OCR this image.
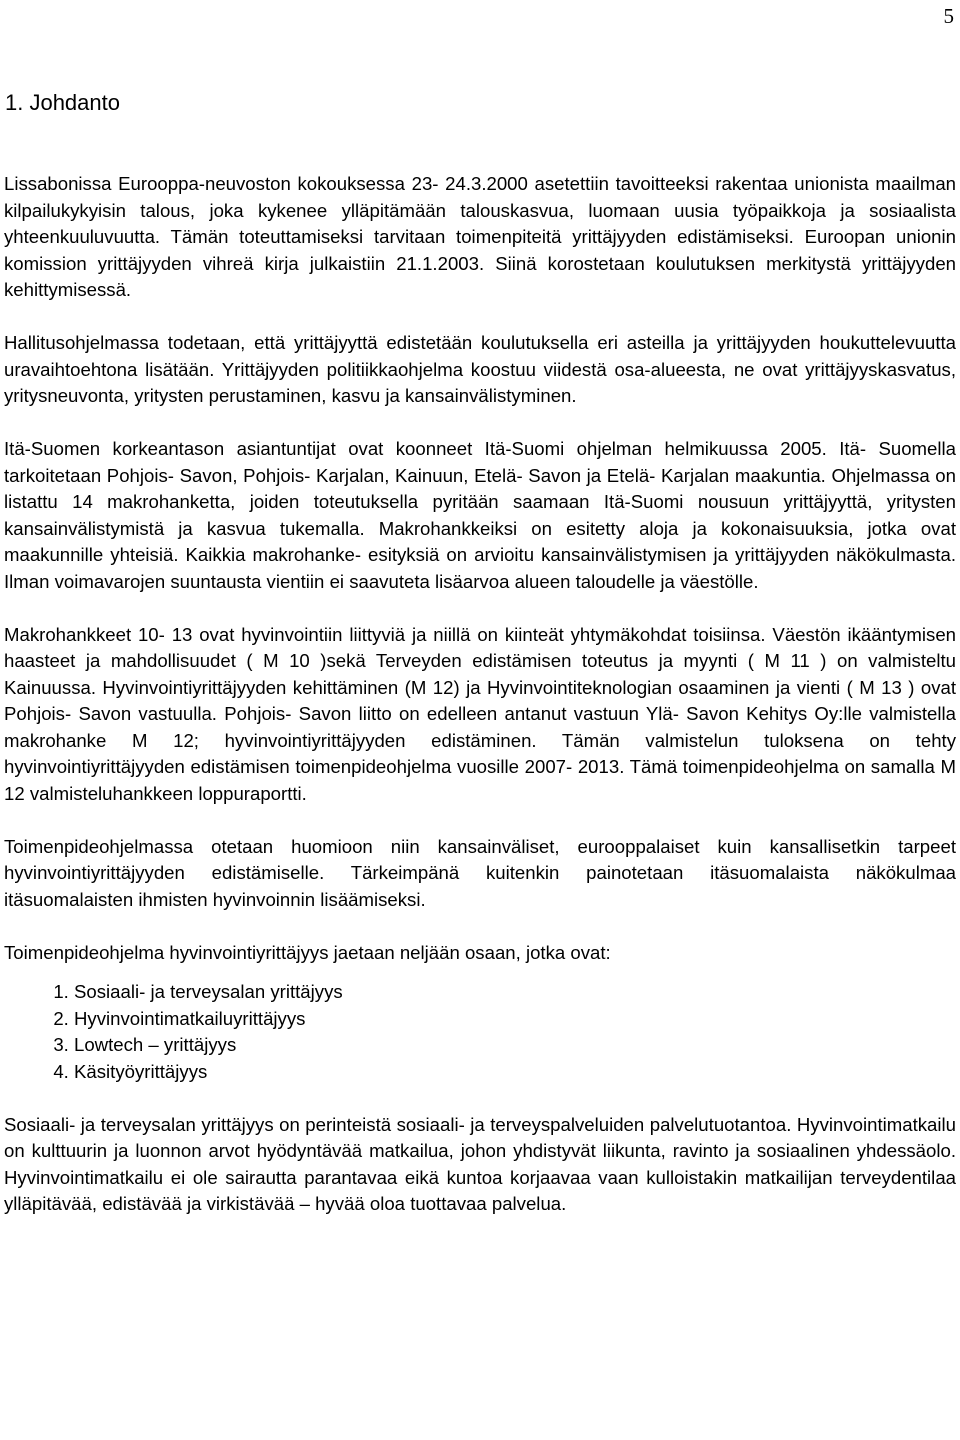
5
1. Johdanto

Lissabonissa Eurooppa-neuvoston kokouksessa 23- 24.3.2000 asetettiin tavoitteeksi rakentaa unionista maailman kilpailukykyisin talous, joka kykenee ylläpitämään talouskasvua, luomaan uusia työpaikkoja ja sosiaalista yhteenkuuluvuutta. Tämän toteuttamiseksi tarvitaan toimenpiteitä yrittäjyyden edistämiseksi. Euroopan unionin komission yrittäjyyden vihreä kirja julkaistiin 21.1.2003. Siinä korostetaan koulutuksen merkitystä yrittäjyyden kehittymisessä.

Hallitusohjelmassa todetaan, että yrittäjyyttä edistetään koulutuksella eri asteilla ja yrittäjyyden houkuttelevuutta uravaihtoehtona lisätään. Yrittäjyyden politiikkaohjelma koostuu viidestä osa-alueesta, ne ovat yrittäjyyskasvatus, yritysneuvonta, yritysten perustaminen, kasvu ja kansainvälistyminen.

Itä-Suomen korkeantason asiantuntijat ovat koonneet Itä-Suomi ohjelman helmikuussa 2005. Itä- Suomella tarkoitetaan Pohjois- Savon, Pohjois- Karjalan, Kainuun, Etelä- Savon ja Etelä- Karjalan maakuntia. Ohjelmassa on listattu 14 makrohanketta, joiden toteutuksella pyritään saamaan Itä-Suomi nousuun yrittäjyyttä, yritysten kansainvälistymistä ja kasvua tukemalla. Makrohankkeiksi on esitetty aloja ja kokonaisuuksia, jotka ovat maakunnille yhteisiä. Kaikkia makrohanke- esityksiä on arvioitu kansainvälistymisen ja yrittäjyyden näkökulmasta. Ilman voimavarojen suuntausta vientiin ei saavuteta lisäarvoa alueen taloudelle ja väestölle.

Makrohankkeet 10- 13 ovat hyvinvointiin liittyviä ja niillä on kiinteät yhtymäkohdat toisiinsa. Väestön ikääntymisen haasteet ja mahdollisuudet ( M 10 )sekä Terveyden edistämisen toteutus ja myynti ( M 11 ) on valmisteltu Kainuussa. Hyvinvointiyrittäjyyden kehittäminen (M 12) ja Hyvinvointiteknologian osaaminen ja vienti ( M 13 ) ovat Pohjois- Savon vastuulla. Pohjois- Savon liitto on edelleen antanut vastuun Ylä- Savon Kehitys Oy:lle valmistella makrohanke M 12; hyvinvointiyrittäjyyden edistäminen. Tämän valmistelun tuloksena on tehty hyvinvointiyrittäjyyden edistämisen toimenpideohjelma vuosille 2007- 2013. Tämä toimenpideohjelma on samalla M 12 valmisteluhankkeen loppuraportti.

Toimenpideohjelmassa otetaan huomioon niin kansainväliset, eurooppalaiset kuin kansallisetkin tarpeet hyvinvointiyrittäjyyden edistämiselle. Tärkeimpänä kuitenkin painotetaan itäsuomalaista näkökulmaa itäsuomalaisten ihmisten hyvinvoinnin lisäämiseksi.

Toimenpideohjelma hyvinvointiyrittäjyys jaetaan neljään osaan, jotka ovat:

1. Sosiaali- ja terveysalan yrittäjyys
2. Hyvinvointimatkailuyrittäjyys
3. Lowtech – yrittäjyys
4. Käsityöyrittäjyys

Sosiaali- ja terveysalan yrittäjyys on perinteistä sosiaali- ja terveyspalveluiden palvelutuotantoa. Hyvinvointimatkailu on kulttuurin ja luonnon arvot hyödyntävää matkailua, johon yhdistyvät liikunta, ravinto ja sosiaalinen yhdessäolo. Hyvinvointimatkailu ei ole sairautta parantavaa eikä kuntoa korjaavaa vaan kulloistakin matkailijan terveydentilaa ylläpitävää, edistävää ja virkistävää – hyvää oloa tuottavaa palvelua.
